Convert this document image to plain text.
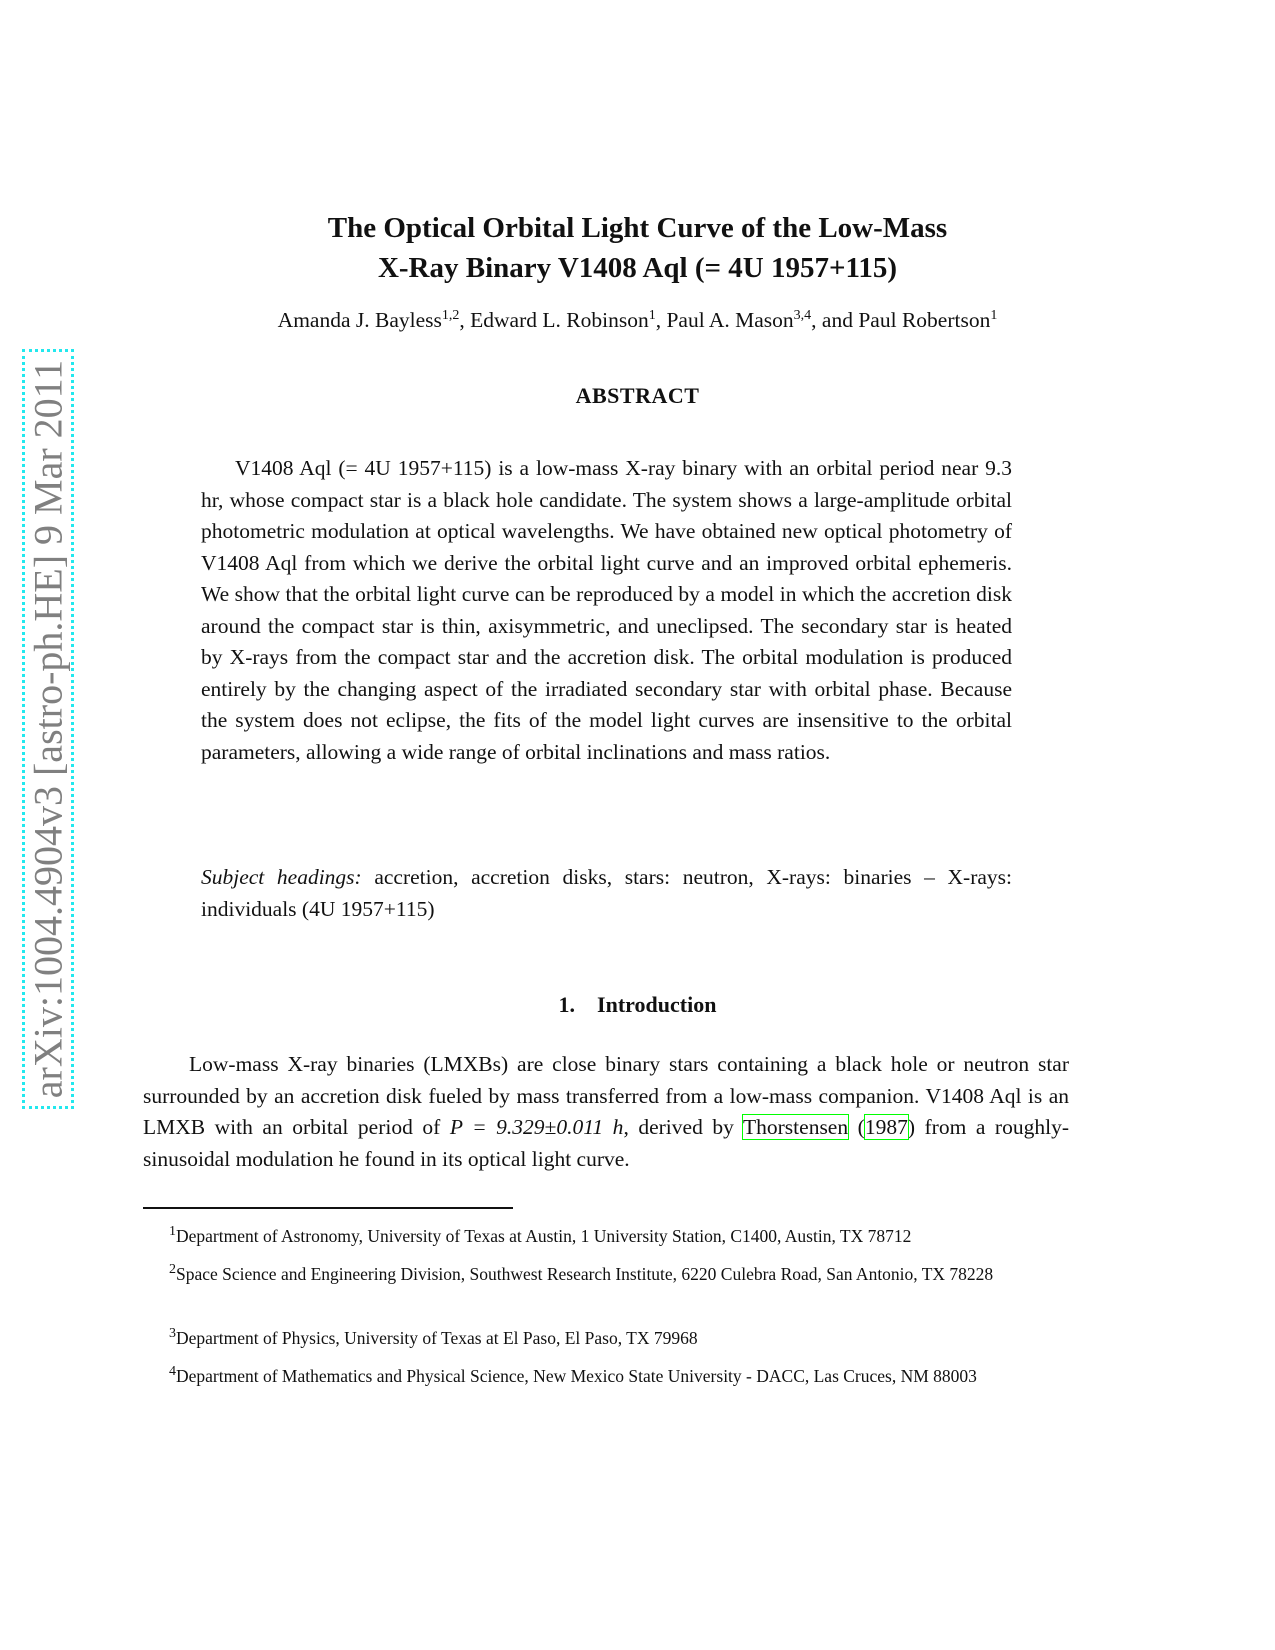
arXiv:1004.4904v3 [astro-ph.HE] 9 Mar 2011
The Optical Orbital Light Curve of the Low-Mass
X-Ray Binary V1408 Aql (= 4U 1957+115)
Amanda J. Bayless$^{1,2}$, Edward L. Robinson$^1$, Paul A. Mason$^{3,4}$, and Paul Robertson$^1$
ABSTRACT

V1408 Aql (= 4U 1957+115) is a low-mass X-ray binary with an orbital period near 9.3 hr, whose compact star is a black hole candidate. The system shows a large-amplitude orbital photometric modulation at optical wavelengths. We have obtained new optical photometry of V1408 Aql from which we derive the orbital light curve and an improved orbital ephemeris. We show that the orbital light curve can be reproduced by a model in which the accretion disk around the compact star is thin, axisymmetric, and uneclipsed. The secondary star is heated by X-rays from the compact star and the accretion disk. The orbital modulation is produced entirely by the changing aspect of the irradiated secondary star with orbital phase. Because the system does not eclipse, the fits of the model light curves are insensitive to the orbital parameters, allowing a wide range of orbital inclinations and mass ratios.

Subject headings: accretion, accretion disks, stars: neutron, X-rays: binaries – X-rays: individuals (4U 1957+115)

1.    Introduction

Low-mass X-ray binaries (LMXBs) are close binary stars containing a black hole or neutron star surrounded by an accretion disk fueled by mass transferred from a low-mass companion. V1408 Aql is an LMXB with an orbital period of P = 9.329±0.011 h, derived by Thorstensen (1987) from a roughly-sinusoidal modulation he found in its optical light curve.

$^1$Department of Astronomy, University of Texas at Austin, 1 University Station, C1400, Austin, TX 78712

$^2$Space Science and Engineering Division, Southwest Research Institute, 6220 Culebra Road, San Antonio, TX 78228

$^3$Department of Physics, University of Texas at El Paso, El Paso, TX 79968

$^4$Department of Mathematics and Physical Science, New Mexico State University - DACC, Las Cruces, NM 88003
